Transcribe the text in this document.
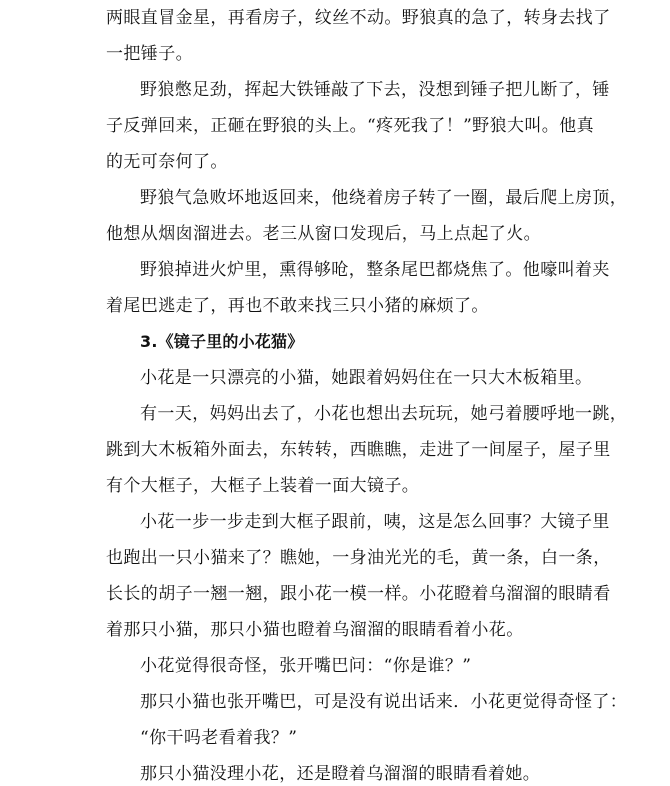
两眼直冒金星，再看房子，纹丝不动。野狼真的急了，转身去找了
一把锤子。
野狼憋足劲，挥起大铁锤敲了下去，没想到锤子把儿断了，锤
子反弹回来，正砸在野狼的头上。“疼死我了！”野狼大叫。他真
的无可奈何了。
野狼气急败坏地返回来，他绕着房子转了一圈，最后爬上房顶，
他想从烟囱溜进去。老三从窗口发现后，马上点起了火。
野狼掉进火炉里，熏得够呛，整条尾巴都烧焦了。他嚎叫着夹
着尾巴逃走了，再也不敢来找三只小猪的麻烦了。
3.《镜子里的小花猫》
小花是一只漂亮的小猫，她跟着妈妈住在一只大木板箱里。
有一天，妈妈出去了，小花也想出去玩玩，她弓着腰呼地一跳，
跳到大木板箱外面去，东转转，西瞧瞧，走进了一间屋子，屋子里
有个大框子，大框子上装着一面大镜子。
小花一步一步走到大框子跟前，咦，这是怎么回事？大镜子里
也跑出一只小猫来了？瞧她，一身油光光的毛，黄一条，白一条，
长长的胡子一翘一翘，跟小花一模一样。小花瞪着乌溜溜的眼睛看
着那只小猫，那只小猫也瞪着乌溜溜的眼睛看着小花。
小花觉得很奇怪，张开嘴巴问：“你是谁？”
那只小猫也张开嘴巴，可是没有说出话来．小花更觉得奇怪了：
“你干吗老看着我？”
那只小猫没理小花，还是瞪着乌溜溜的眼睛看着她。
